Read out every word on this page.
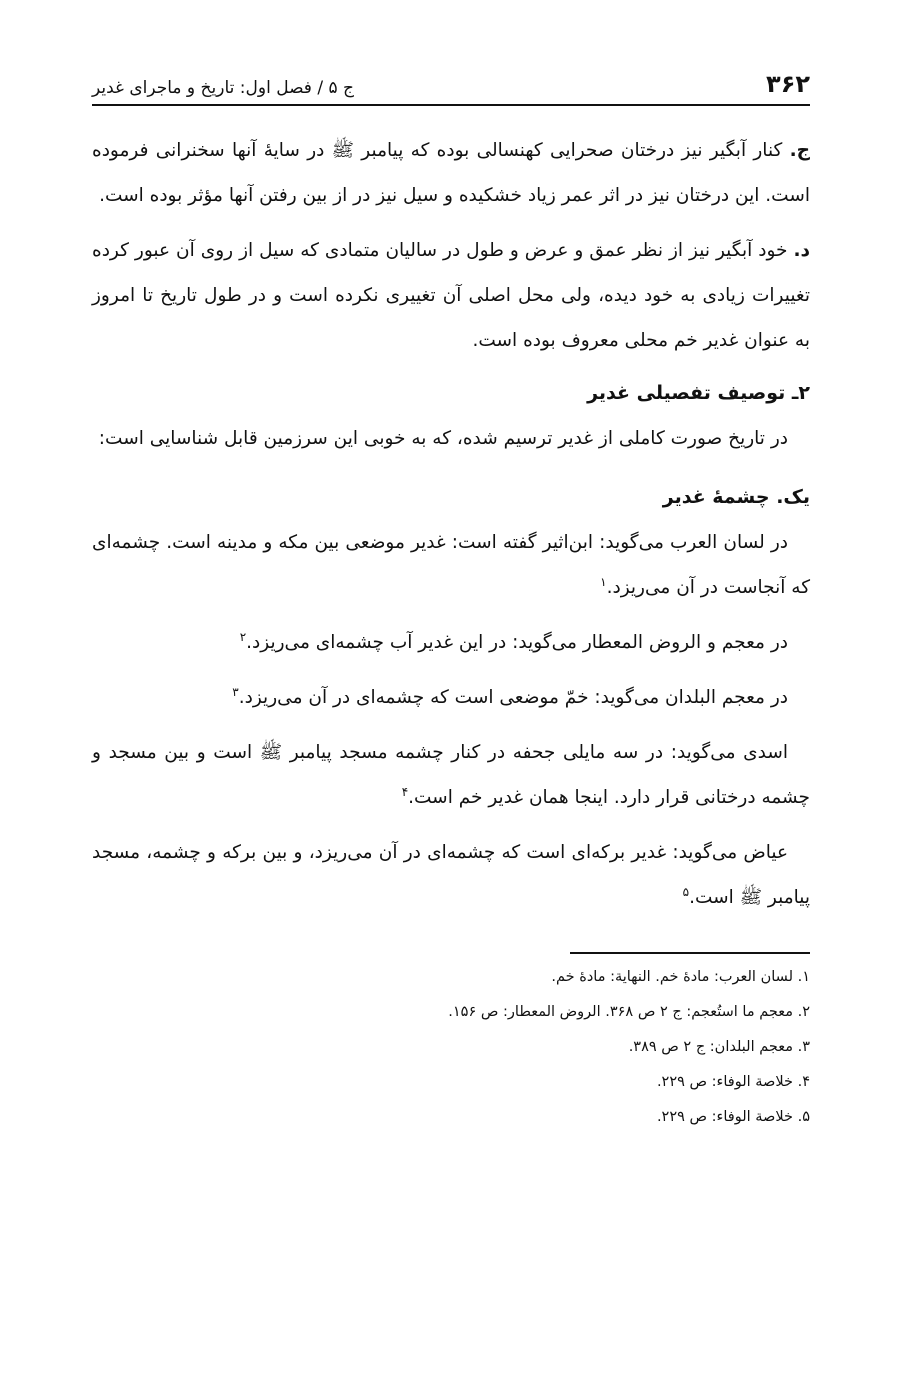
۳۶۲
ج ۵ / فصل اول: تاریخ و ماجرای غدیر

ج. کنار آبگیر نیز درختان صحرایی کهنسالی بوده که پیامبر ﷺ در سایهٔ آنها سخنرانی فرموده است. این درختان نیز در اثر عمر زیاد خشکیده و سیل نیز در از بین رفتن آنها مؤثر بوده است.

د. خود آبگیر نیز از نظر عمق و عرض و طول در سالیان متمادی که سیل از روی آن عبور کرده تغییرات زیادی به خود دیده، ولی محل اصلی آن تغییری نکرده است و در طول تاریخ تا امروز به عنوان غدیر خم محلی معروف بوده است.

۲ـ توصیف تفصیلی غدیر

در تاریخ صورت کاملی از غدیر ترسیم شده، که به خوبی این سرزمین قابل شناسایی است:

یک. چشمهٔ غدیر

در لسان العرب می‌گوید: ابن‌اثیر گفته است: غدیر موضعی بین مکه و مدینه است. چشمه‌ای که آنجاست در آن می‌ریزد.$^۱$

در معجم و الروض المعطار می‌گوید: در این غدیر آب چشمه‌ای می‌ریزد.$^۲$

در معجم البلدان می‌گوید: خمّ موضعی است که چشمه‌ای در آن می‌ریزد.$^۳$

اسدی می‌گوید: در سه مایلی جحفه در کنار چشمه مسجد پیامبر ﷺ است و بین مسجد و چشمه درختانی قرار دارد. اینجا همان غدیر خم است.$^۴$

عیاض می‌گوید: غدیر برکه‌ای است که چشمه‌ای در آن می‌ریزد، و بین برکه و چشمه، مسجد پیامبر ﷺ است.$^۵$

۱. لسان العرب: مادهٔ خم. النهایة: مادهٔ خم.

۲. معجم ما استُعجم: ج ۲ ص ۳۶۸. الروض المعطار: ص ۱۵۶.

۳. معجم البلدان: ج ۲ ص ۳۸۹.

۴. خلاصة الوفاء: ص ۲۲۹.

۵. خلاصة الوفاء: ص ۲۲۹.
